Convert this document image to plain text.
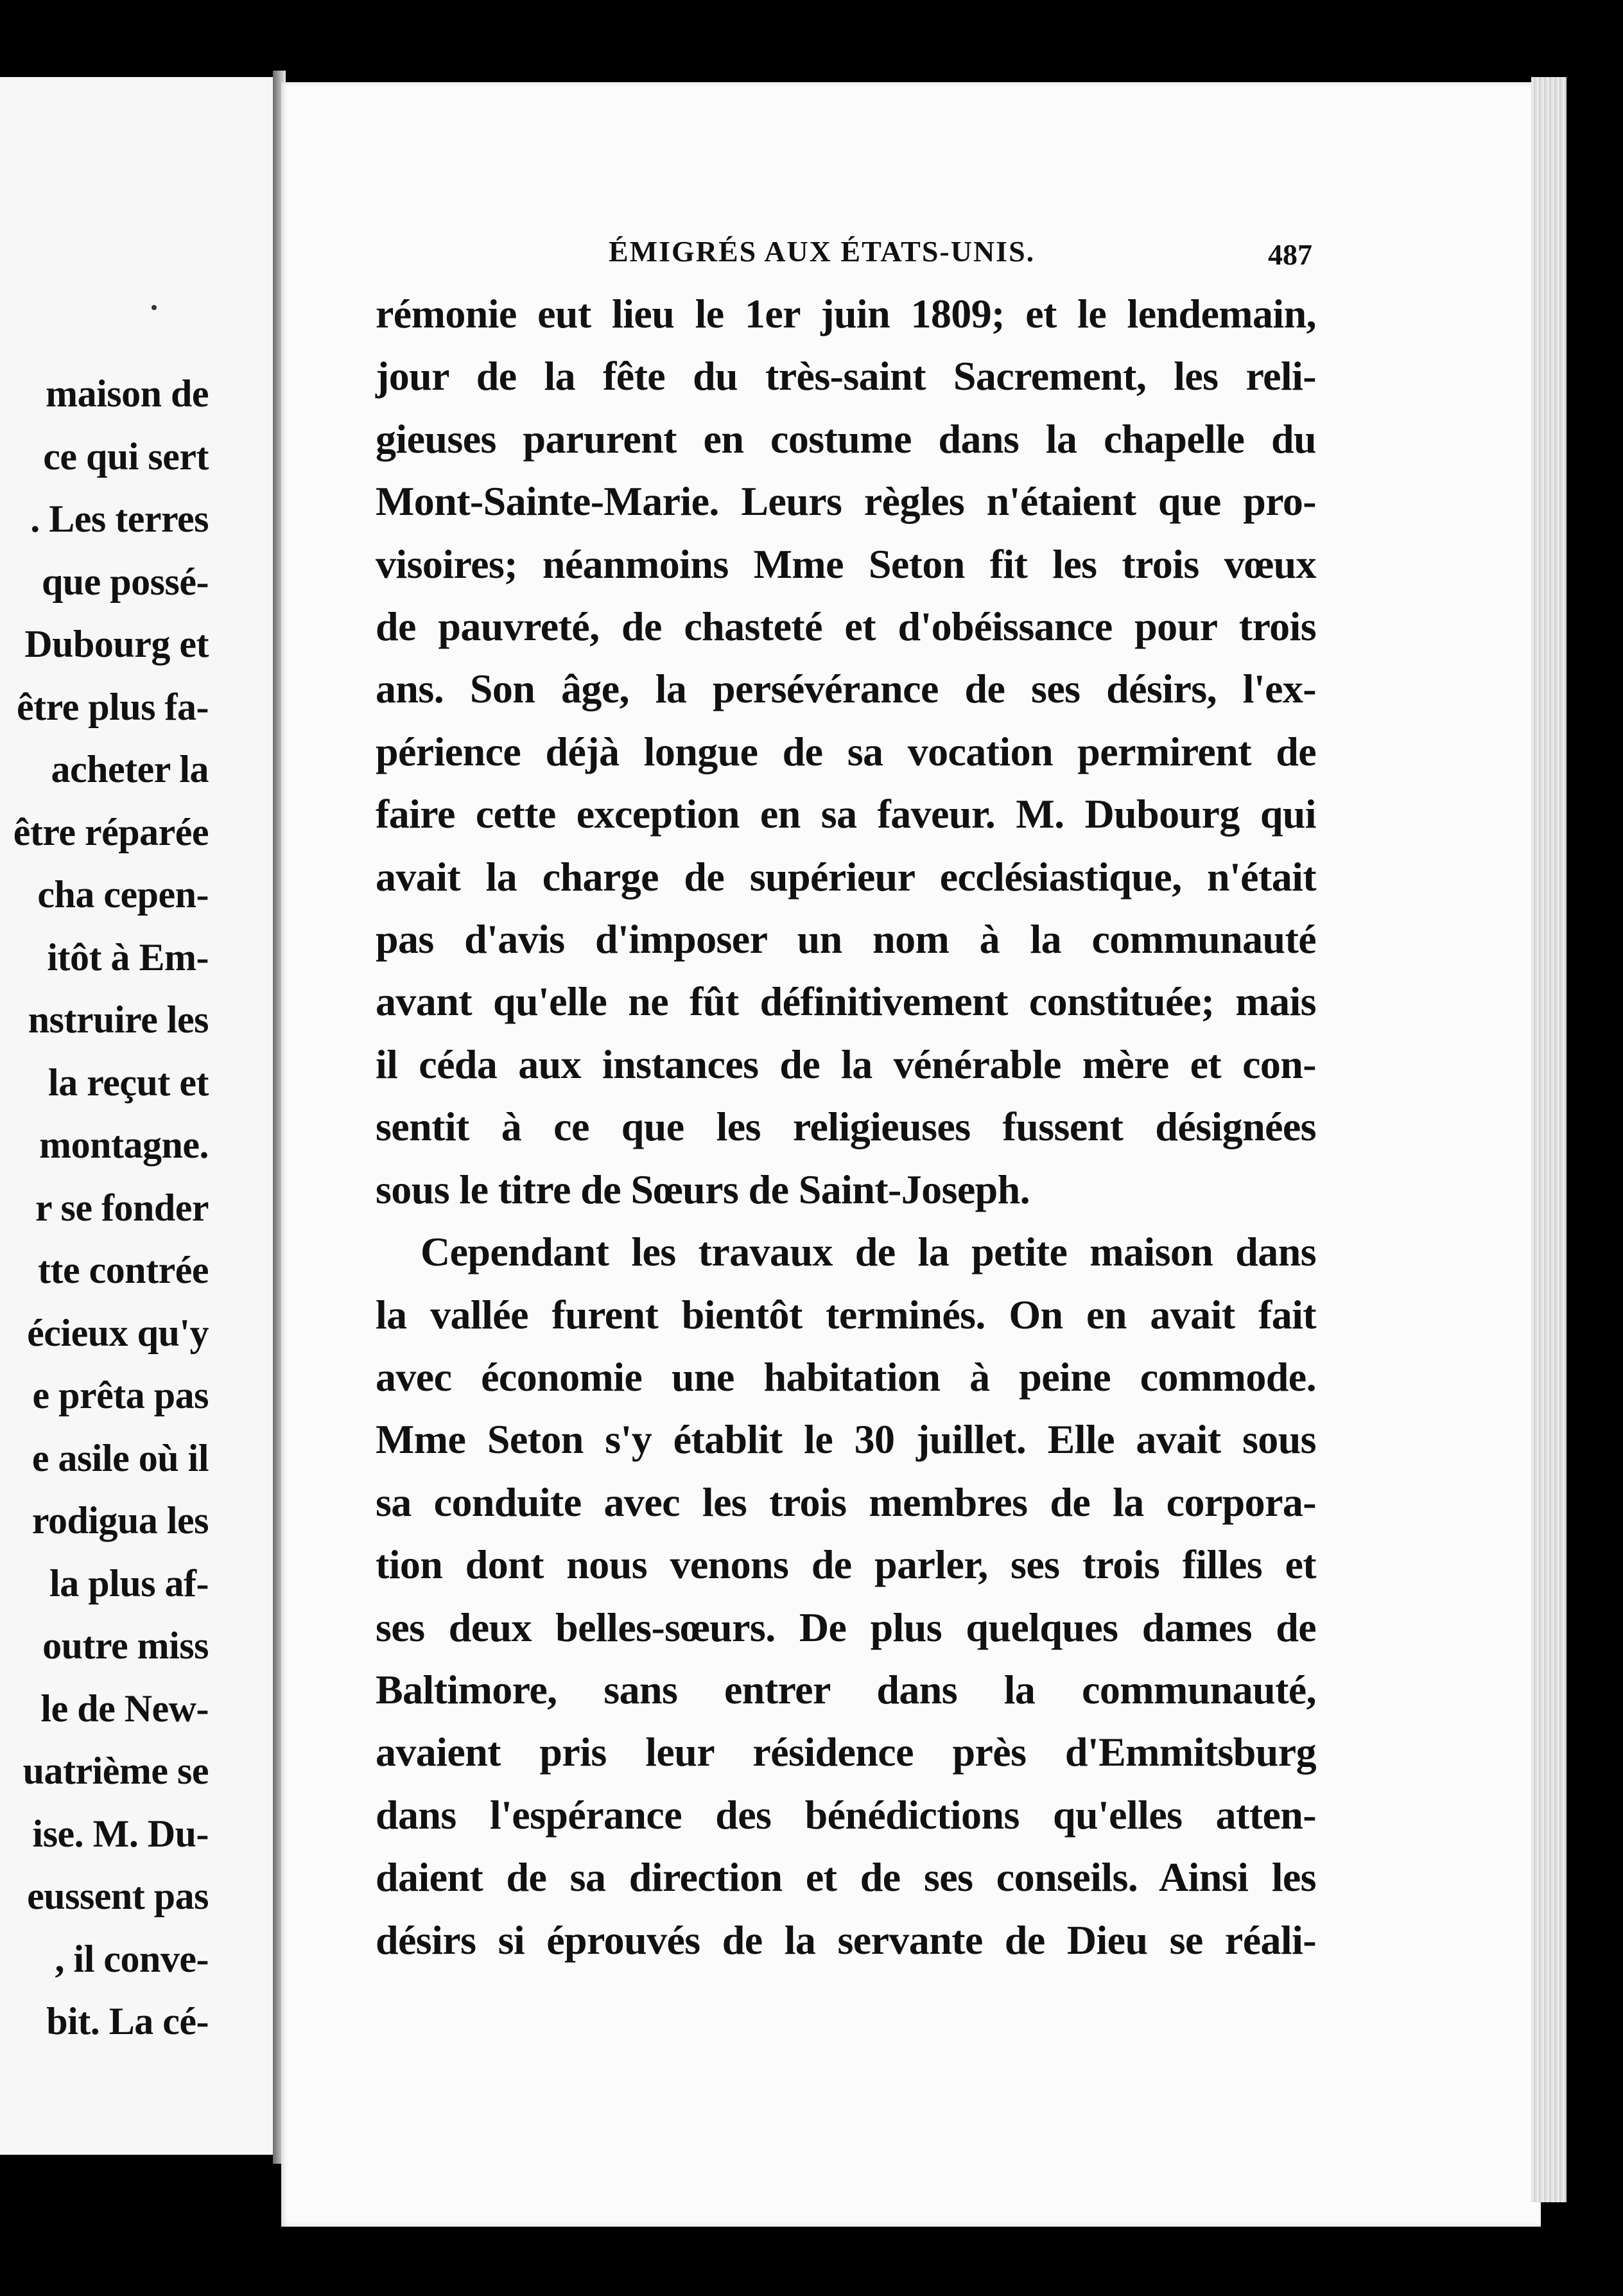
maison de
ce qui sert
. Les terres
que possé-
Dubourg et
être plus fa-
acheter la
être réparée
cha cepen-
itôt à Em-
nstruire les
la reçut et
montagne.
r se fonder
tte contrée
écieux qu'y
e prêta pas
e asile où il
rodigua les
la plus af-
outre miss
le de New-
uatrième se
ise. M. Du-
eussent pas
, il conve-
bit. La cé-
ÉMIGRÉS AUX ÉTATS-UNIS.	487
rémonie eut lieu le 1er juin 1809; et le lendemain,
jour de la fête du très-saint Sacrement, les reli-
gieuses parurent en costume dans la chapelle du
Mont-Sainte-Marie. Leurs règles n'étaient que pro-
visoires; néanmoins Mme Seton fit les trois vœux
de pauvreté, de chasteté et d'obéissance pour trois
ans. Son âge, la persévérance de ses désirs, l'ex-
périence déjà longue de sa vocation permirent de
faire cette exception en sa faveur. M. Dubourg qui
avait la charge de supérieur ecclésiastique, n'était
pas d'avis d'imposer un nom à la communauté
avant qu'elle ne fût définitivement constituée; mais
il céda aux instances de la vénérable mère et con-
sentit à ce que les religieuses fussent désignées
sous le titre de Sœurs de Saint-Joseph.
Cependant les travaux de la petite maison dans
la vallée furent bientôt terminés. On en avait fait
avec économie une habitation à peine commode.
Mme Seton s'y établit le 30 juillet. Elle avait sous
sa conduite avec les trois membres de la corpora-
tion dont nous venons de parler, ses trois filles et
ses deux belles-sœurs. De plus quelques dames de
Baltimore, sans entrer dans la communauté,
avaient pris leur résidence près d'Emmitsburg
dans l'espérance des bénédictions qu'elles atten-
daient de sa direction et de ses conseils. Ainsi les
désirs si éprouvés de la servante de Dieu se réali-
